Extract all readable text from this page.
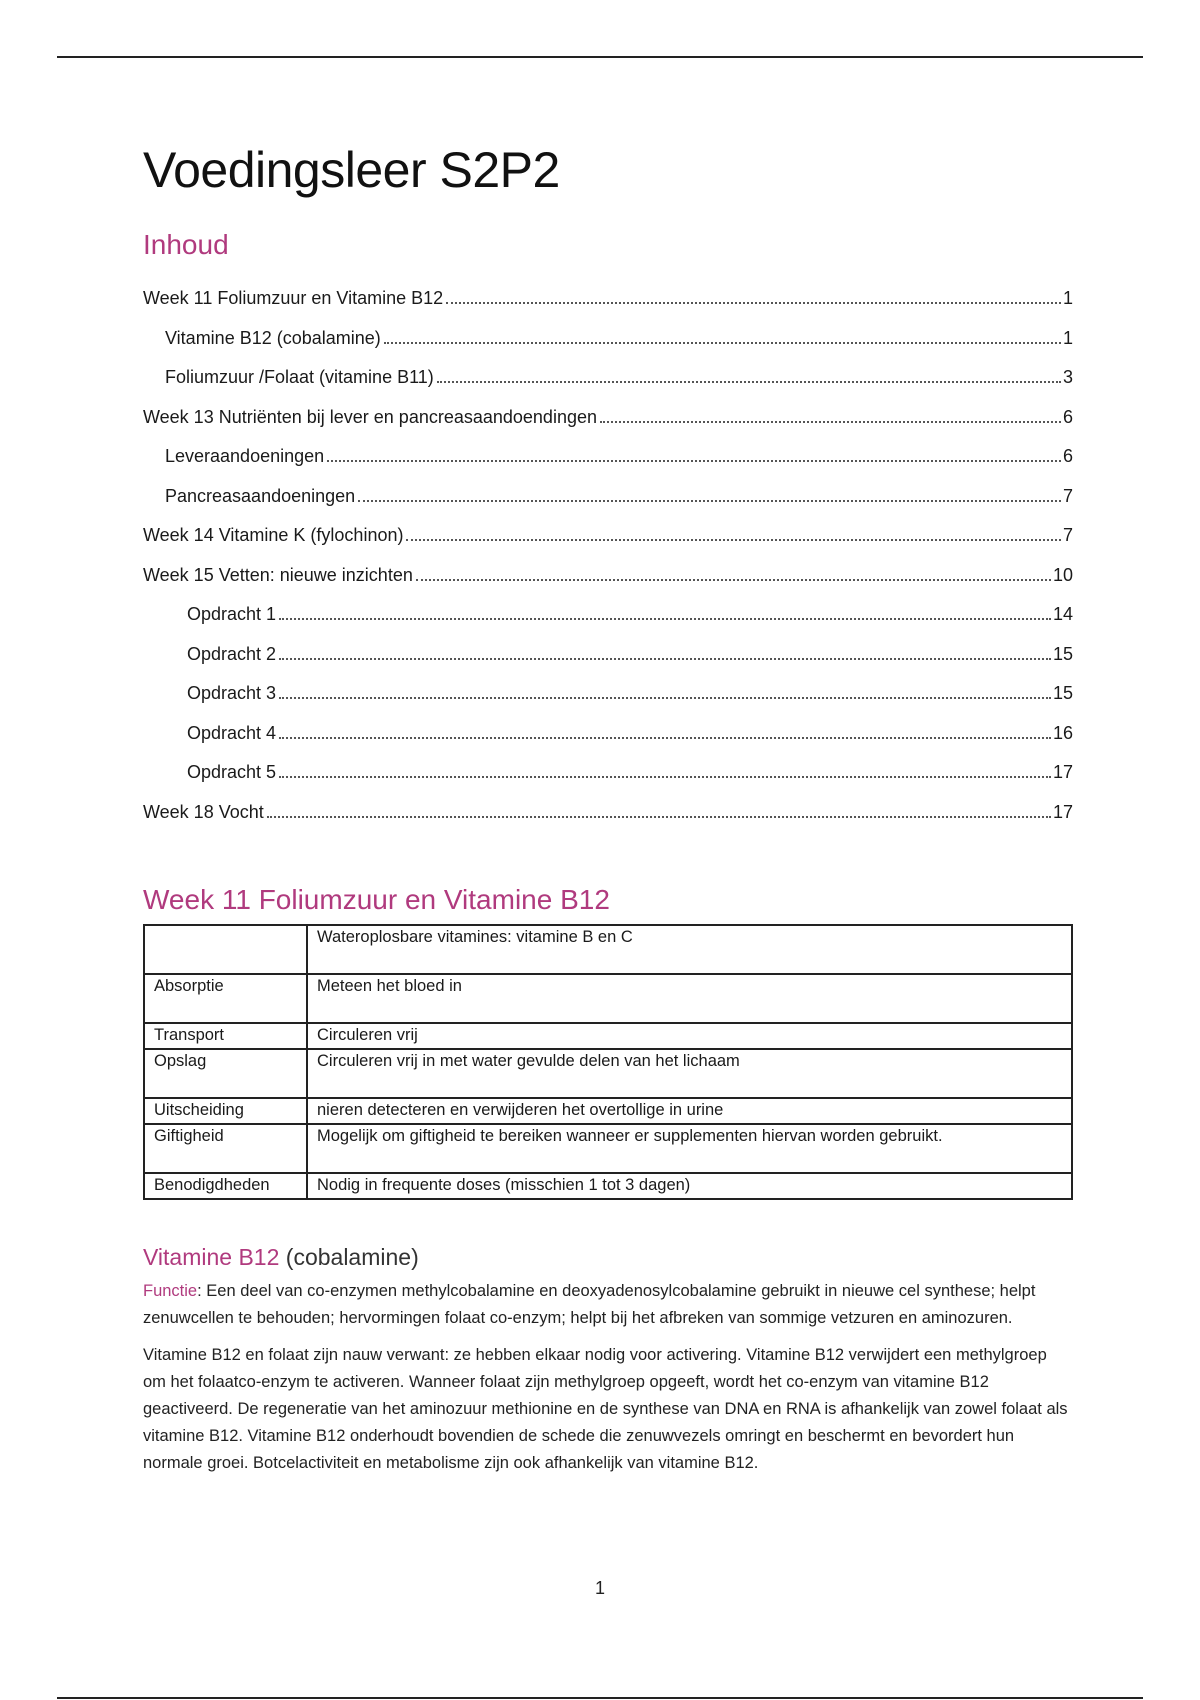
Voedingsleer S2P2
Inhoud
Week 11 Foliumzuur en Vitamine B12	1
Vitamine B12 (cobalamine)	1
Foliumzuur /Folaat (vitamine B11)	3
Week 13 Nutriënten bij lever en pancreasaandoendingen	6
Leveraandoeningen	6
Pancreasaandoeningen	7
Week 14 Vitamine K (fylochinon)	7
Week 15 Vetten: nieuwe inzichten	10
Opdracht 1	14
Opdracht 2	15
Opdracht 3	15
Opdracht 4	16
Opdracht 5	17
Week 18 Vocht	17
Week 11 Foliumzuur en Vitamine B12
	Wateroplosbare vitamines: vitamine B en C
Absorptie	Meteen het bloed in
Transport	Circuleren vrij
Opslag	Circuleren vrij in met water gevulde delen van het lichaam
Uitscheiding	nieren detecteren en verwijderen het overtollige in urine
Giftigheid	Mogelijk om giftigheid te bereiken wanneer er supplementen hiervan worden gebruikt.
Benodigdheden	Nodig in frequente doses (misschien 1 tot 3 dagen)
Vitamine B12 (cobalamine)

Functie: Een deel van co-enzymen methylcobalamine en deoxyadenosylcobalamine gebruikt in nieuwe cel synthese; helpt zenuwcellen te behouden; hervormingen folaat co-enzym; helpt bij het afbreken van sommige vetzuren en aminozuren.

Vitamine B12 en folaat zijn nauw verwant: ze hebben elkaar nodig voor activering. Vitamine B12 verwijdert een methylgroep om het folaatco-enzym te activeren. Wanneer folaat zijn methylgroep opgeeft, wordt het co-enzym van vitamine B12 geactiveerd. De regeneratie van het aminozuur methionine en de synthese van DNA en RNA is afhankelijk van zowel folaat als vitamine B12. Vitamine B12 onderhoudt bovendien de schede die zenuwvezels omringt en beschermt en bevordert hun normale groei. Botcelactiviteit en metabolisme zijn ook afhankelijk van vitamine B12.

1
